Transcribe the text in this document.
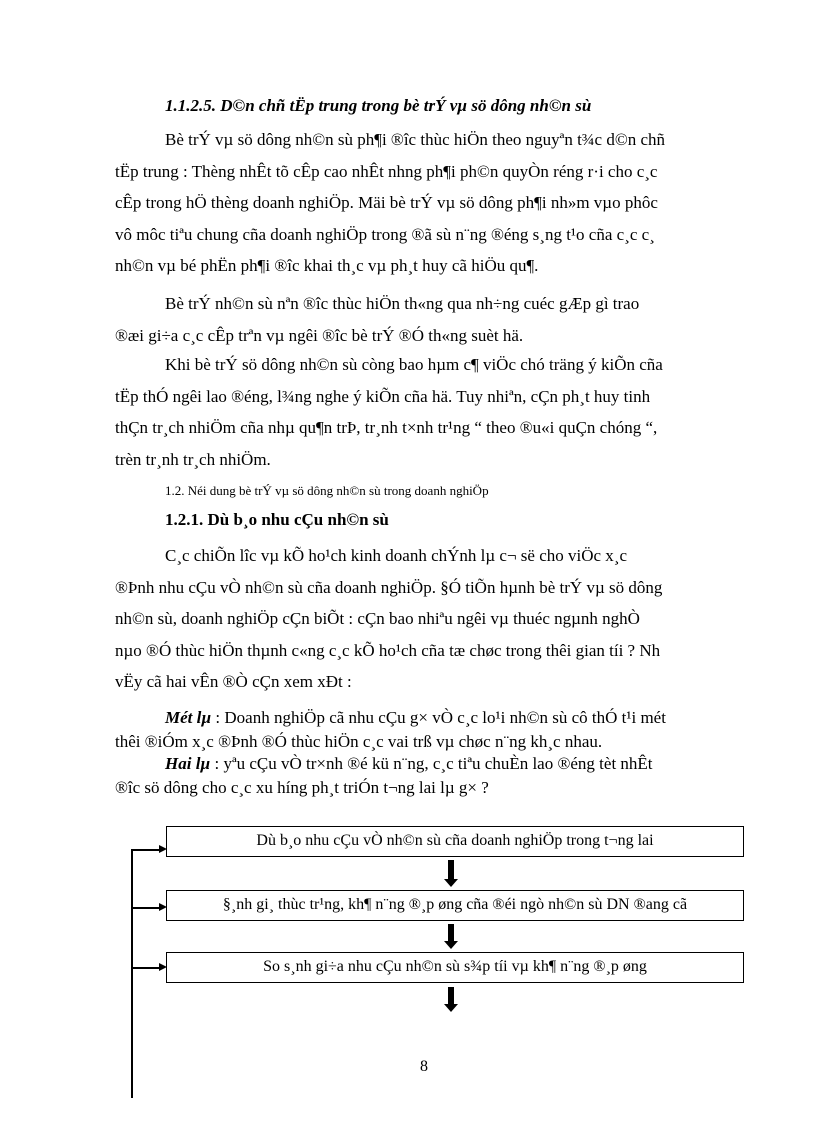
1.1.2.5. D©n chñ tËp trung trong bè trÝ vµ sö dông nh©n sù
Bè trÝ vµ sö dông nh©n sù ph¶i ®îc thùc hiÖn theo nguyªn t¾c d©n chñ
tËp trung : Thèng nhÊt tõ cÊp cao nhÊt nhng ph¶i ph©n quyÒn réng r·i cho c¸c
cÊp trong hÖ thèng doanh nghiÖp. Mäi bè trÝ vµ sö dông ph¶i nh»m vµo phôc
vô môc tiªu chung cña doanh nghiÖp trong ®ã sù n¨ng ®éng s¸ng t¹o cña c¸c c¸
nh©n vµ bé phËn ph¶i ®îc khai th¸c vµ ph¸t huy cã hiÖu qu¶.
Bè trÝ nh©n sù nªn ®îc thùc hiÖn th«ng qua nh÷ng cuéc gÆp gì trao
®æi gi÷a c¸c cÊp trªn vµ ngêi ®îc bè trÝ ®Ó th«ng suèt hä.
Khi bè trÝ sö dông nh©n sù còng bao hµm c¶ viÖc chó träng ý kiÕn cña
tËp thÓ ngêi lao ®éng, l¾ng nghe ý kiÕn cña hä. Tuy nhiªn, cÇn ph¸t huy tinh
thÇn tr¸ch nhiÖm cña nhµ qu¶n trÞ, tr¸nh t×nh tr¹ng “ theo ®u«i quÇn chóng “,
trèn tr¸nh tr¸ch nhiÖm.
1.2. Néi dung bè trÝ vµ sö dông nh©n sù trong doanh nghiÖp
1.2.1. Dù b¸o nhu cÇu nh©n sù
C¸c chiÕn lîc vµ kÕ ho¹ch kinh doanh chÝnh lµ c¬ së cho viÖc x¸c
®Þnh nhu cÇu vÒ nh©n sù cña doanh nghiÖp. §Ó tiÕn hµnh bè trÝ vµ sö dông
nh©n sù, doanh nghiÖp cÇn biÕt : cÇn bao nhiªu ngêi vµ thuéc ngµnh nghÒ
nµo ®Ó thùc hiÖn thµnh c«ng c¸c kÕ ho¹ch cña tæ chøc trong thêi gian tíi ? Nh
vËy cã hai vÊn ®Ò cÇn xem xÐt :
Mét lµ : Doanh nghiÖp cã nhu cÇu g× vÒ c¸c lo¹i nh©n sù cô thÓ t¹i mét
thêi ®iÓm x¸c ®Þnh ®Ó thùc hiÖn c¸c vai trß vµ chøc n¨ng kh¸c nhau.
Hai lµ : yªu cÇu vÒ tr×nh ®é kü n¨ng, c¸c tiªu chuÈn lao ®éng tèt nhÊt
®îc sö dông cho c¸c xu híng ph¸t triÓn t¬ng lai lµ g× ?
Dù b¸o nhu cÇu vÒ nh©n sù cña doanh nghiÖp trong t¬ng lai
§¸nh gi¸ thùc tr¹ng, kh¶ n¨ng ®¸p øng cña ®éi ngò nh©n sù DN ®ang cã
So s¸nh gi÷a nhu cÇu nh©n sù s¾p tíi vµ kh¶ n¨ng ®¸p øng
8
